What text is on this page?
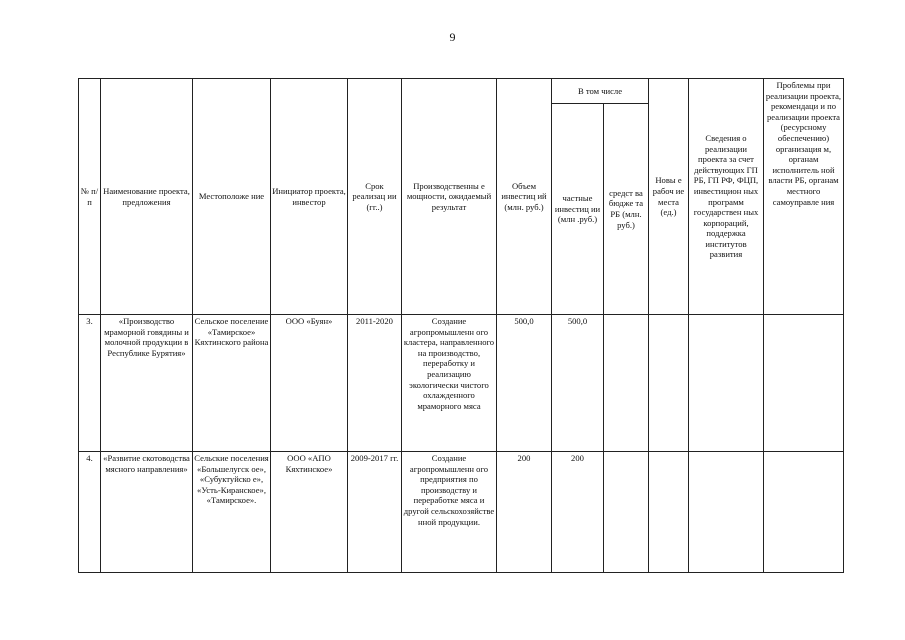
9
№ п/п	Наименование проекта, предложения	Местоположе ние	Инициатор проекта, инвестор	Срок реализац ии (гг..)	Производственны е мощности, ожидаемый результат	Объем инвестиц ий (млн. руб.)	В том числе		Новы е рабоч ие места (ед.)	Сведения о реализации проекта за счет действующих ГП РБ, ГП РФ, ФЦП, инвестицион ных программ государствен ных корпораций, поддержка институтов развития	Проблемы при реализации проекта, рекомендаци и по реализации проекта (ресурсному обеспечению) организация м, органам исполнитель ной власти РБ, органам местного самоуправле ния
							частные инвестиц ии (млн .руб.)	средст ва бюдже та РБ (млн. руб.)			
3.	«Производство мраморной говядины и молочной продукции в Республике Бурятия»	Сельское поселение «Тамирское» Кяхтинского района	ООО «Буян»	2011-2020	Создание агропромышленн ого кластера, направленного на производство, переработку и реализацию экологически чистого охлажденного мраморного мяса	500,0	500,0				
4.	«Развитие скотоводства мясного направления»	Сельские поселения «Большелугск ое», «Субуктуйско е», «Усть-Киранское», «Тамирское».	ООО «АПО Кяхтинское»	2009-2017 гг.	Создание агропромышленн ого предприятия по производству и переработке мяса и другой сельскохозяйстве нной продукции.	200	200				
